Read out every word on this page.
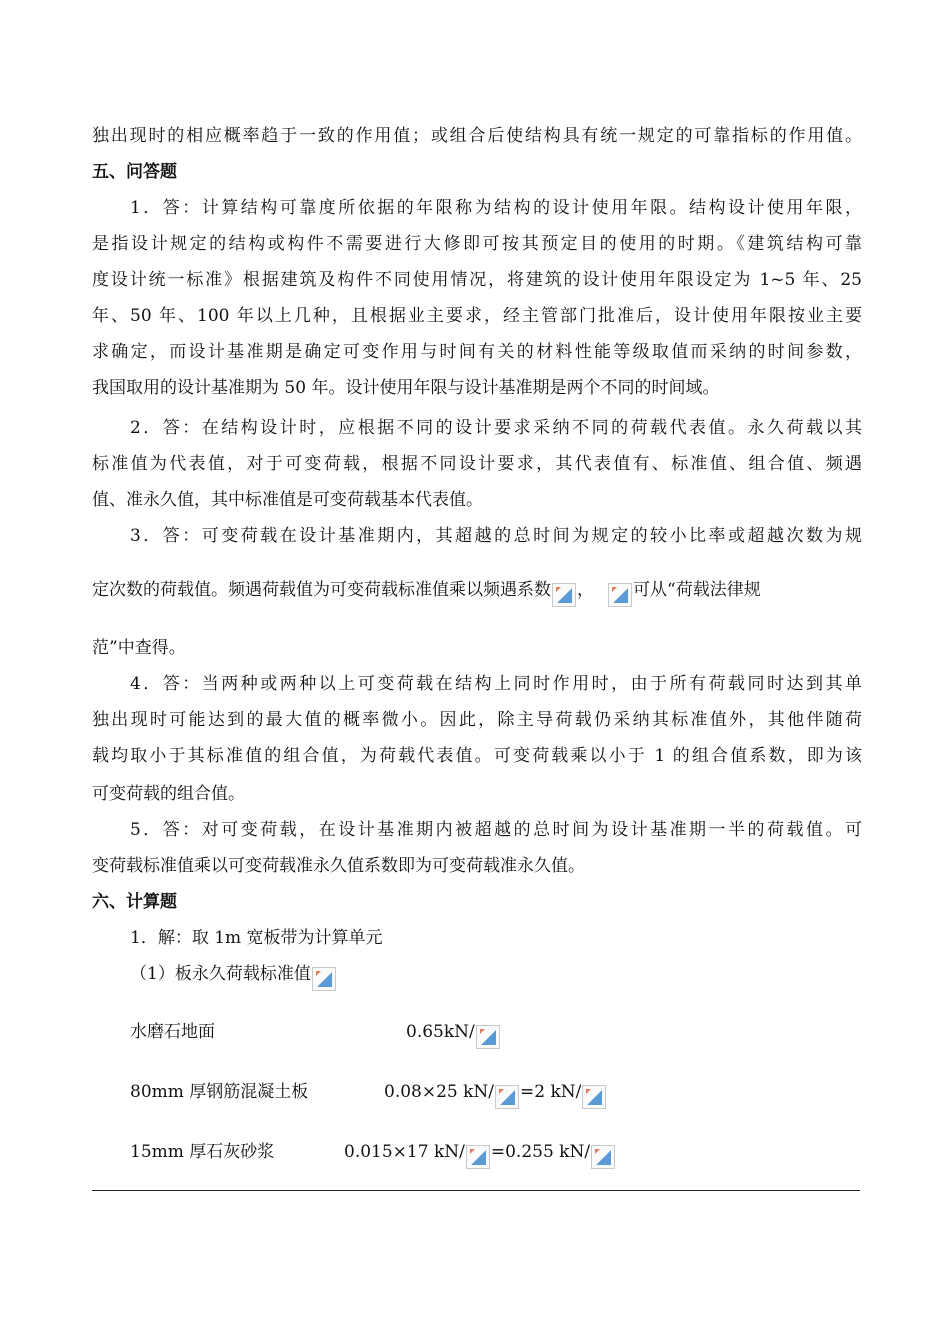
独出现时的相应概率趋于一致的作用值；或组合后使结构具有统一规定的可靠指标的作用值。
五、问答题
1．答：计算结构可靠度所依据的年限称为结构的设计使用年限。结构设计使用年限，
是指设计规定的结构或构件不需要进行大修即可按其预定目的使用的时期。《建筑结构可靠
度设计统一标准》根据建筑及构件不同使用情况，将建筑的设计使用年限设定为 1~5 年、25
年、50 年、100 年以上几种，且根据业主要求，经主管部门批准后，设计使用年限按业主要
求确定，而设计基准期是确定可变作用与时间有关的材料性能等级取值而采纳的时间参数，
我国取用的设计基准期为 50 年。设计使用年限与设计基准期是两个不同的时间域。
2．答：在结构设计时，应根据不同的设计要求采纳不同的荷载代表值。永久荷载以其
标准值为代表值，对于可变荷载，根据不同设计要求，其代表值有、标准值、组合值、频遇
值、准永久值，其中标准值是可变荷载基本代表值。
3．答：可变荷载在设计基准期内，其超越的总时间为规定的较小比率或超越次数为规
定次数的荷载值。频遇荷载值为可变荷载标准值乘以频遇系数 ， 可从“荷载法律规
范”中查得。
4．答：当两种或两种以上可变荷载在结构上同时作用时，由于所有荷载同时达到其单
独出现时可能达到的最大值的概率微小。因此，除主导荷载仍采纳其标准值外，其他伴随荷
载均取小于其标准值的组合值，为荷载代表值。可变荷载乘以小于 1 的组合值系数，即为该
可变荷载的组合值。
5．答：对可变荷载，在设计基准期内被超越的总时间为设计基准期一半的荷载值。可
变荷载标准值乘以可变荷载准永久值系数即为可变荷载准永久值。
六、计算题
1．解：取 1m 宽板带为计算单元
（1）板永久荷载标准值
水磨石地面	0.65kN/
80mm 厚钢筋混凝土板	0.08×25 kN/ =2 kN/
15mm 厚石灰砂浆	0.015×17 kN/ =0.255 kN/
